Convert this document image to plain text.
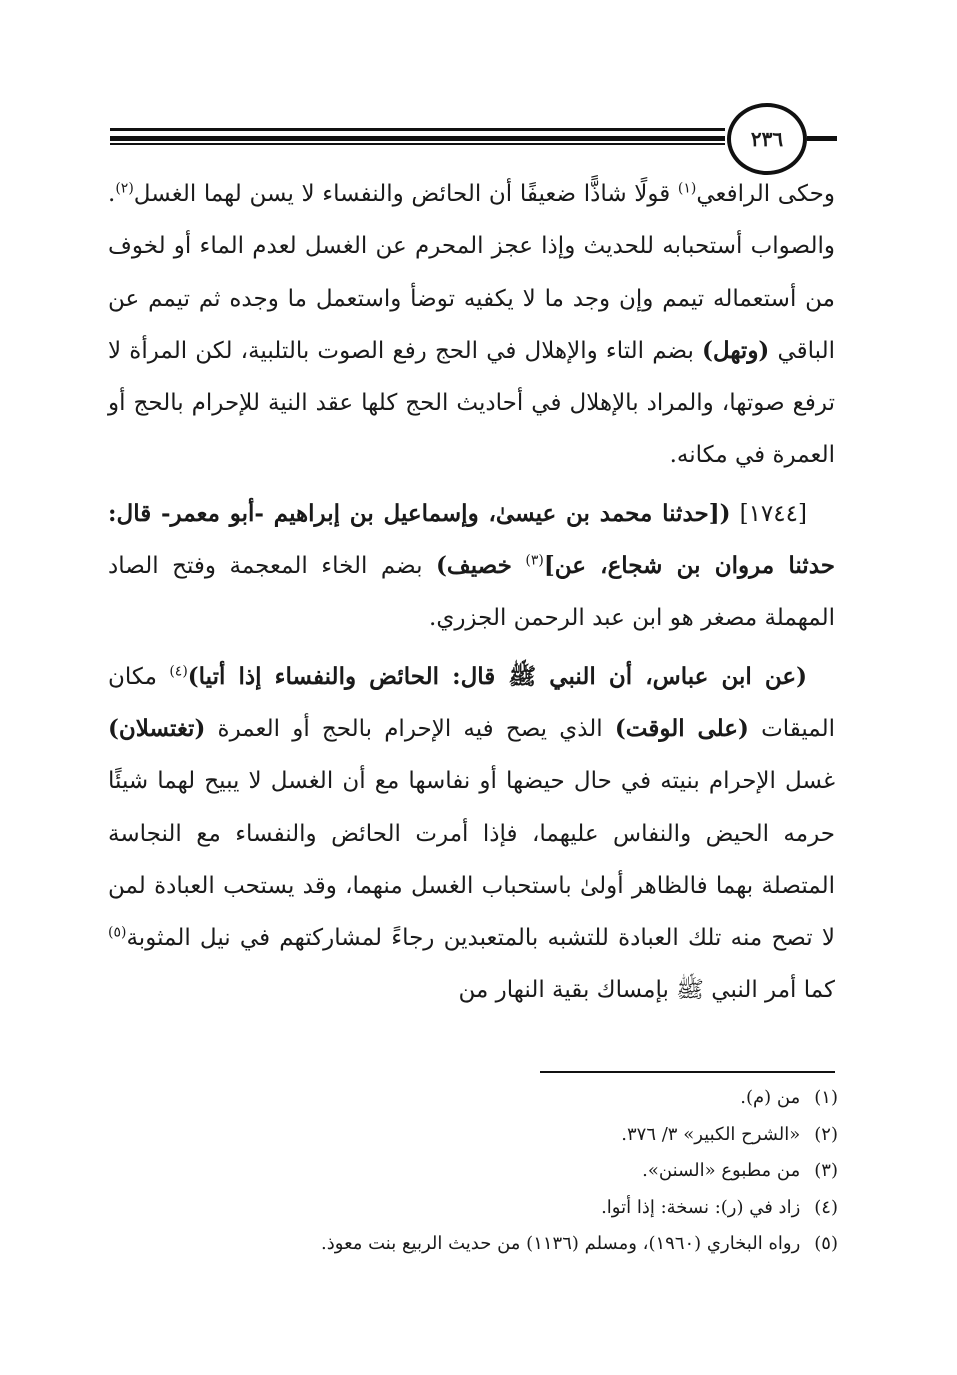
٢٣٦

وحكى الرافعي$^{(١)}$ قولًا شاذًّا ضعيفًا أن الحائض والنفساء لا يسن لهما الغسل$^{(٢)}$. والصواب أستحبابه للحديث وإذا عجز المحرم عن الغسل لعدم الماء أو لخوف من أستعماله تيمم وإن وجد ما لا يكفيه توضأ واستعمل ما وجده ثم تيمم عن الباقي (وتهل) بضم التاء والإهلال في الحج رفع الصوت بالتلبية، لكن المرأة لا ترفع صوتها، والمراد بالإهلال في أحاديث الحج كلها عقد النية للإحرام بالحج أو العمرة في مكانه.

[١٧٤٤] ([حدثنا محمد بن عيسىٰ، وإسماعيل بن إبراهيم -أبو معمر- قال: حدثنا مروان بن شجاع، عن]$^{(٣)}$ خصيف) بضم الخاء المعجمة وفتح الصاد المهملة مصغر هو ابن عبد الرحمن الجزري.

(عن ابن عباس، أن النبي ﷺ قال: الحائض والنفساء إذا أتيا)$^{(٤)}$ مكان الميقات (على الوقت) الذي يصح فيه الإحرام بالحج أو العمرة (تغتسلان) غسل الإحرام بنيته في حال حيضها أو نفاسها مع أن الغسل لا يبيح لهما شيئًا حرمه الحيض والنفاس عليهما، فإذا أمرت الحائض والنفساء مع النجاسة المتصلة بهما فالظاهر أولىٰ باستحباب الغسل منهما، وقد يستحب العبادة لمن لا تصح منه تلك العبادة للتشبه بالمتعبدين رجاءً لمشاركتهم في نيل المثوبة$^{(٥)}$ كما أمر النبي ﷺ بإمساك بقية النهار من

(١)من (م).
(٢)«الشرح الكبير» ٣/ ٣٧٦.
(٣)من مطبوع «السنن».
(٤)زاد في (ر): نسخة: إذا أتوا.
(٥)رواه البخاري (١٩٦٠)، ومسلم (١١٣٦) من حديث الربيع بنت معوذ.
